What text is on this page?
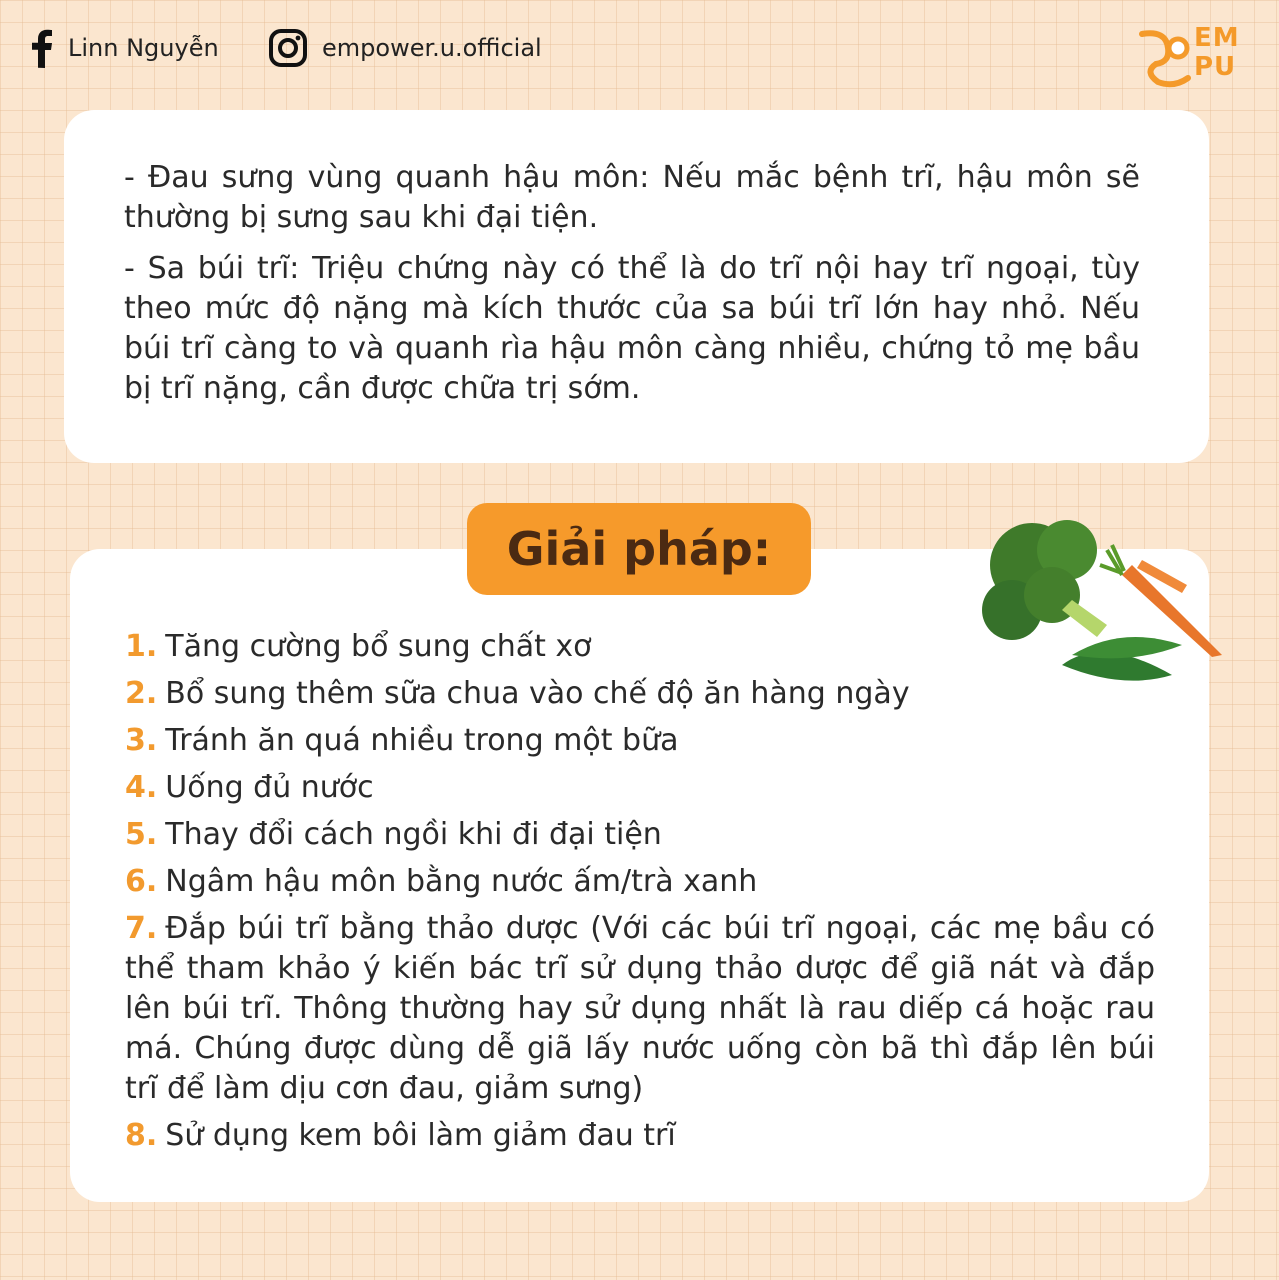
Linn Nguyễn	empower.u.official	EM
PU

- Đau sưng vùng quanh hậu môn: Nếu mắc bệnh trĩ, hậu môn sẽ thường bị sưng sau khi đại tiện.

- Sa búi trĩ: Triệu chứng này có thể là do trĩ nội hay trĩ ngoại, tùy theo mức độ nặng mà kích thước của sa búi trĩ lớn hay nhỏ. Nếu búi trĩ càng to và quanh rìa hậu môn càng nhiều, chứng tỏ mẹ bầu bị trĩ nặng, cần được chữa trị sớm.

1. Tăng cường bổ sung chất xơ
2. Bổ sung thêm sữa chua vào chế độ ăn hàng ngày
3. Tránh ăn quá nhiều trong một bữa
4. Uống đủ nước
5. Thay đổi cách ngồi khi đi đại tiện
6. Ngâm hậu môn bằng nước ấm/trà xanh
7. Đắp búi trĩ bằng thảo dược (Với các búi trĩ ngoại, các mẹ bầu có thể tham khảo ý kiến bác trĩ sử dụng thảo dược để giã nát và đắp lên búi trĩ. Thông thường hay sử dụng nhất là rau diếp cá hoặc rau má. Chúng được dùng dễ giã lấy nước uống còn bã thì đắp lên búi trĩ để làm dịu cơn đau, giảm sưng)
8. Sử dụng kem bôi làm giảm đau trĩ
Giải pháp:
